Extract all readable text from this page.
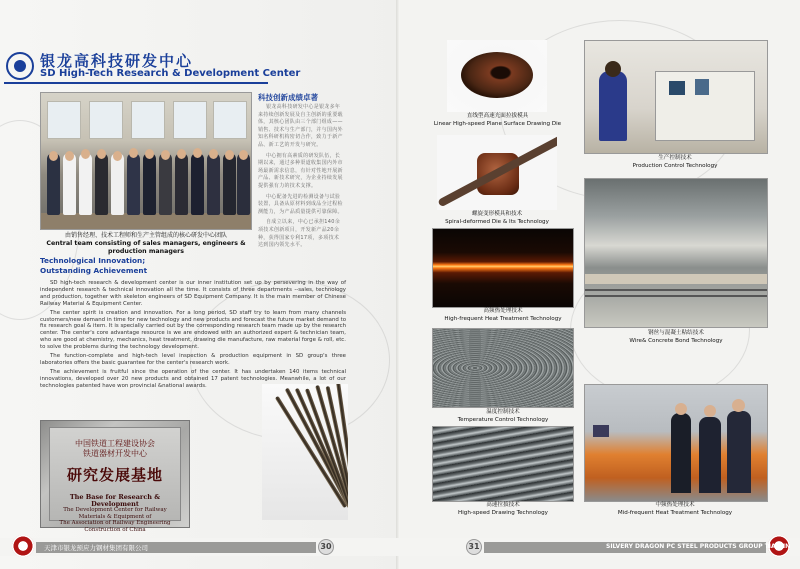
银龙高科技研发中心
SD High-Tech Research & Development Center
由销售经理、技术工程师和生产主管组成的核心研发中心团队
Central team consisting of sales managers, engineers & production managers
科技创新成绩卓著

银龙高科技研发中心是银龙多年来持续创新发展及自主创新的重要载体，其核心团队由三个部门组成——销售、技术与生产部门，并与国内外知名科研机构密切合作，致力于新产品、新工艺的开发与研究。

中心拥有高素质的研发队伍，长期以来，通过多种渠道收集国内外市场最新需求信息，有针对性地开展新产品、新技术研究，为企业持续发展提供强有力的技术支撑。

中心配备先进的检测设备与试验装置，具备从原材料到成品全过程检测能力，为产品质量提供可靠保障。

自成立以来，中心已承担140余项技术创新项目，开发新产品20余种，获得国家专利17项，多项技术达到国内领先水平。

Technological Innovation;
Outstanding Achievement

SD high-tech research & development center is our inner institution set up by persevering in the way of independent research & technical innovation all the time. It consists of three departments --sales, technology and production, together with skeleton engineers of SD Equipment Company. It is the main member of Chinese Railway Material & Equipment Center.

The center spirit is creation and innovation. For a long period, SD staff try to learn from many channels customers/new demand in time for new technology and new products and forecast the future market demand to fix research goal & item. It is specially carried out by the corresponding research team made up by the research center. The center's core advantage resource is we are endowed with an authorized expert & technician team, who are good at chemistry, mechanics, heat treatment, drawing die manufacture, raw material forge & roll, etc. to solve the problems during the technology development.

The function-complete and high-tech level inspection & production equipment in SD group's three laboratories offers the basic guarantee for the center's research work.

The achievement is fruitful since the operation of the center. It has undertaken 140 items technical innovations, developed over 20 new products and obtained 17 patent technologies. Meanwhile, a lot of our technologies patented have won provincial &national awards.

中国铁道工程建设协会
铁道器材开发中心
研究发展基地
The Base for Research & Development
The Development Center for Railway Materials & Equipment of
The Association of Railway Engineering Construction of China
直线型高速光面拉拔模具
Linear High-speed Plane Surface Drawing Die
螺旋变形模具和技术
Spiral-deformed Die & Its Technology
高频热处理技术
High-frequent Heat Treatment Technology
温度控制技术
Temperature Control Technology
高速拉拔技术
High-speed Drawing Technology
生产控制技术
Production Control Technology
钢丝与混凝土粘结技术
Wire& Concrete Bond Technology
中频热处理技术
Mid-frequent Heat Treatment Technology
天津市银龙预应力钢材集团有限公司	SILVERY DRAGON PC STEEL PRODUCTS GROUP TIANJIN
30	31
